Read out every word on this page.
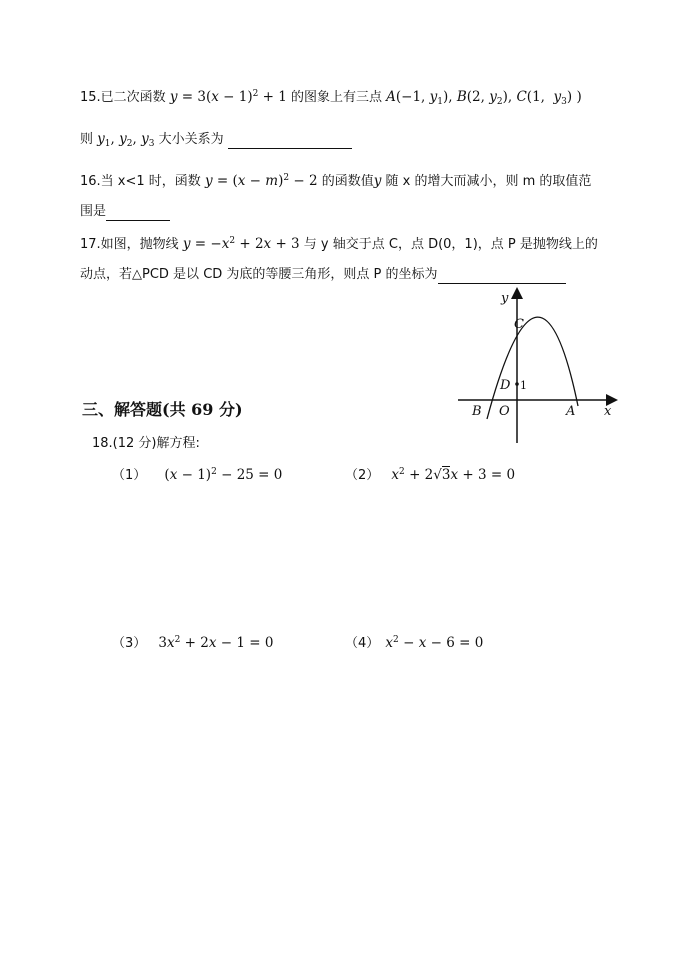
15.已二次函数 $y = 3(x - 1)^2 + 1$ 的图象上有三点 A(−1, $y_1$), B(2, $y_2$), C(1,  $y_3$) )
则 $y_1$, $y_2$, $y_3$ 大小关系为
16.当 x<1 时，函数 $y = (x - m)^2 - 2$ 的函数值y 随 x 的增大而减小，则 m 的取值范
围是
17.如图，抛物线 $y = -x^2 + 2x + 3$ 与 y 轴交于点 C，点 D(0，1)，点 P 是抛物线上的
动点，若△PCD 是以 CD 为底的等腰三角形，则点 P 的坐标为
y
x
C
D 1
B O	A
三、解答题(共 69 分)
18.(12 分)解方程:
（1） $(x - 1)^2 - 25 = 0$	（2） $x^2 + 2√3x + 3 = 0$
（3） $3x^2 + 2x - 1 = 0$	（4） $x^2 - x - 6 = 0$
